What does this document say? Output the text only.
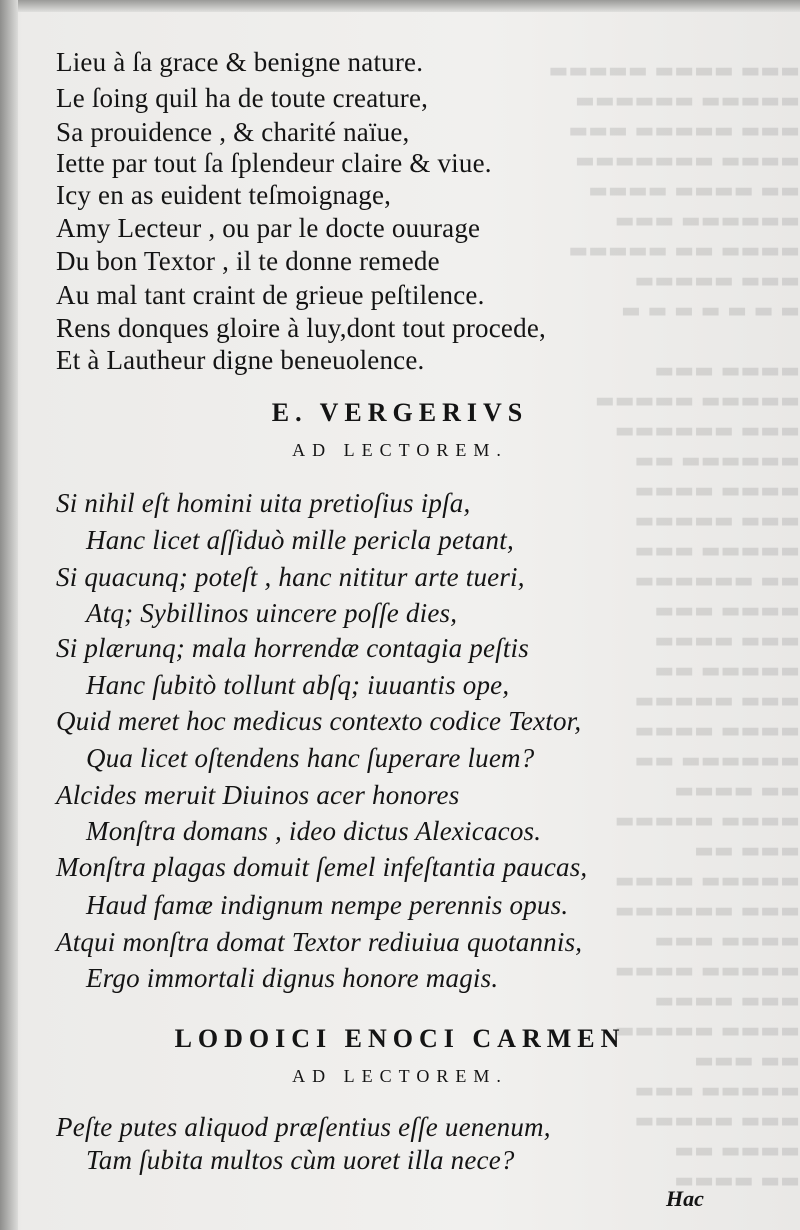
▬▬▬ ▬▬▬▬ ▬▬▬▬▬
▬▬▬▬▬ ▬▬▬▬▬▬
▬▬▬ ▬▬▬▬▬ ▬▬▬
▬▬▬▬ ▬▬▬▬▬▬▬
▬▬ ▬▬▬▬ ▬▬▬▬
▬▬▬▬▬▬ ▬▬▬
▬▬▬▬ ▬▬ ▬▬▬▬▬
▬▬▬ ▬▬▬▬▬
▬ ▬ ▬ ▬ ▬ ▬ ▬

▬▬▬▬ ▬▬▬
▬▬▬▬▬ ▬▬▬▬▬
▬▬▬ ▬▬▬▬▬▬
▬▬▬▬▬▬ ▬▬
▬▬▬▬ ▬▬▬▬
▬▬▬ ▬▬▬▬▬
▬▬▬▬▬ ▬▬▬
▬▬ ▬▬▬▬▬▬
▬▬▬▬ ▬▬▬
▬▬▬ ▬▬▬▬
▬▬▬▬▬ ▬▬
▬▬▬ ▬▬▬▬▬
▬▬▬▬ ▬▬▬▬
▬▬▬▬▬▬ ▬▬
▬▬ ▬▬▬▬
▬▬▬▬ ▬▬▬▬▬
▬▬▬ ▬▬
▬▬▬▬▬ ▬▬▬▬
▬▬▬ ▬▬▬▬▬▬
▬▬▬▬ ▬▬▬
▬▬▬▬▬ ▬▬▬▬
▬▬▬ ▬▬▬▬
▬▬▬▬ ▬▬▬▬▬
▬▬ ▬▬▬
▬▬▬▬▬ ▬▬▬
▬▬▬ ▬▬▬▬▬
▬▬▬▬ ▬▬
▬▬ ▬▬▬▬
Lieu à ſa grace & benigne nature.
Le ſoing quil ha de toute creature,
Sa prouidence , & charité naïue,
Iette par tout ſa ſplendeur claire & viue.
Icy en as euident teſmoignage,
Amy Lecteur , ou par le docte ouurage
Du bon Textor , il te donne remede
Au mal tant craint de grieue peſtilence.
Rens donques gloire à luy,dont tout procede,
Et à Lautheur digne beneuolence.
E. VERGERIVS
AD LECTOREM.
Si nihil eſt homini uita pretioſius ipſa,
Hanc licet aſſiduò mille pericla petant,
Si quacunq; poteſt , hanc nititur arte tueri,
Atq; Sybillinos uincere poſſe dies,
Si plærunq; mala horrendæ contagia peſtis
Hanc ſubitò tollunt abſq; iuuantis ope,
Quid meret hoc medicus contexto codice Textor,
Qua licet oſtendens hanc ſuperare luem?
Alcides meruit Diuinos acer honores
Monſtra domans , ideo dictus Alexicacos.
Monſtra plagas domuit ſemel infeſtantia paucas,
Haud famæ indignum nempe perennis opus.
Atqui monſtra domat Textor rediuiua quotannis,
Ergo immortali dignus honore magis.
LODOICI ENOCI CARMEN
AD LECTOREM.
Peſte putes aliquod præſentius eſſe uenenum,
Tam ſubita multos cùm uoret illa nece?
Hac
